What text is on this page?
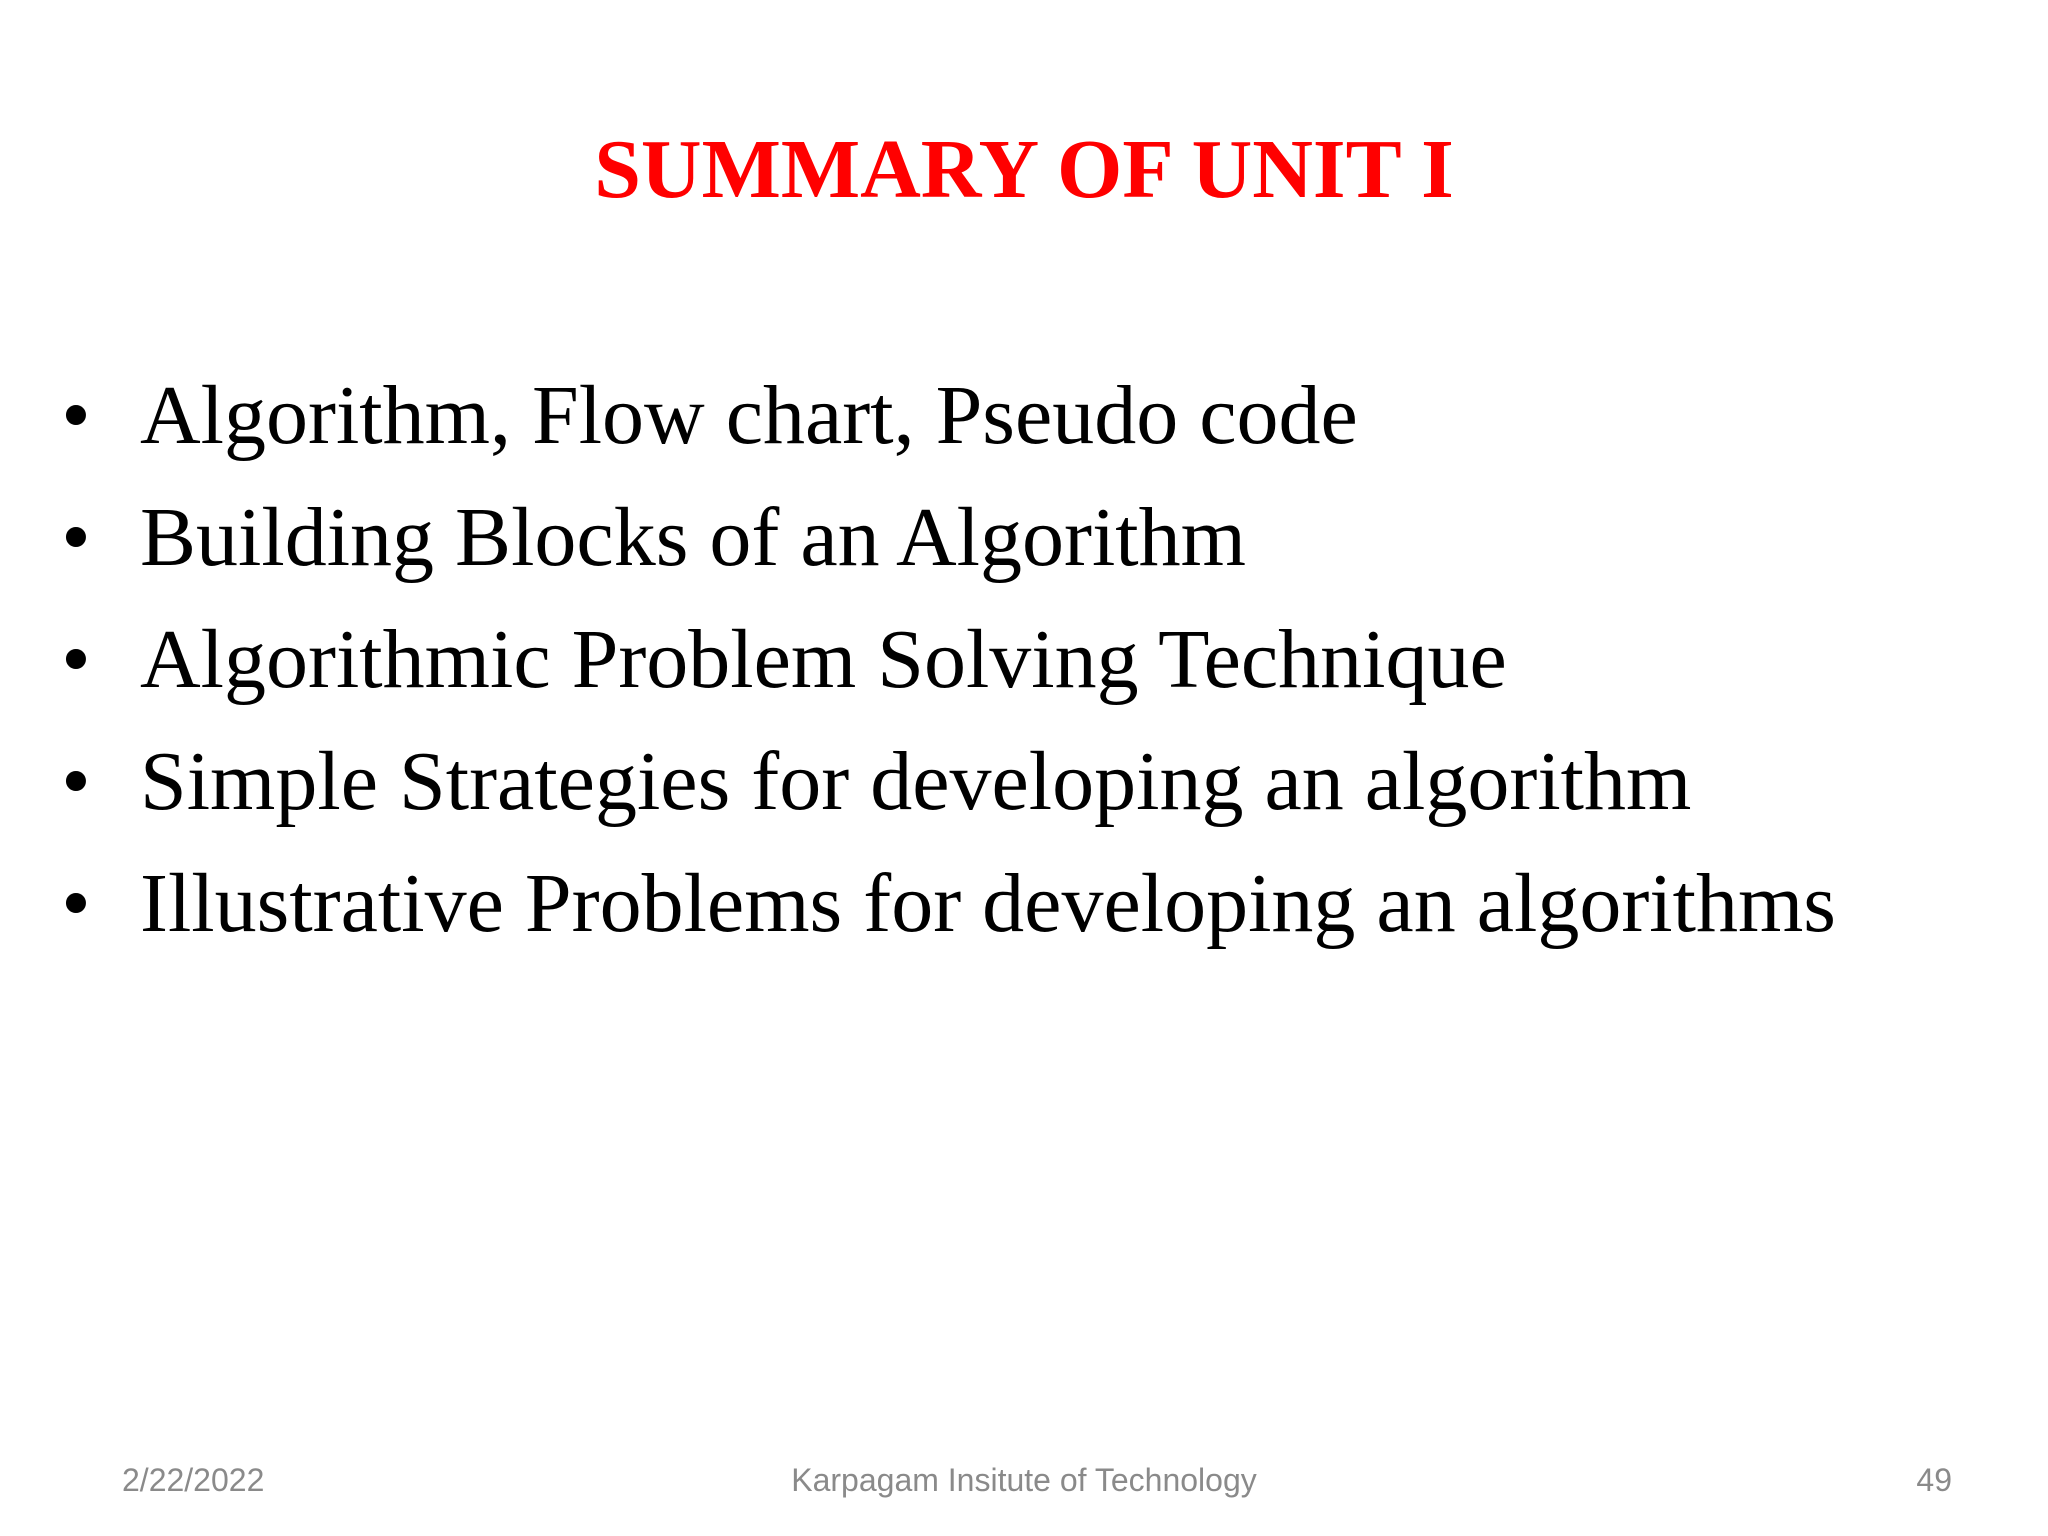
SUMMARY OF UNIT I
• Algorithm, Flow chart, Pseudo code
• Building Blocks of an Algorithm
• Algorithmic Problem Solving Technique
• Simple Strategies for developing an algorithm
• Illustrative Problems for developing an algorithms
2/22/2022	Karpagam Insitute of Technology	49
